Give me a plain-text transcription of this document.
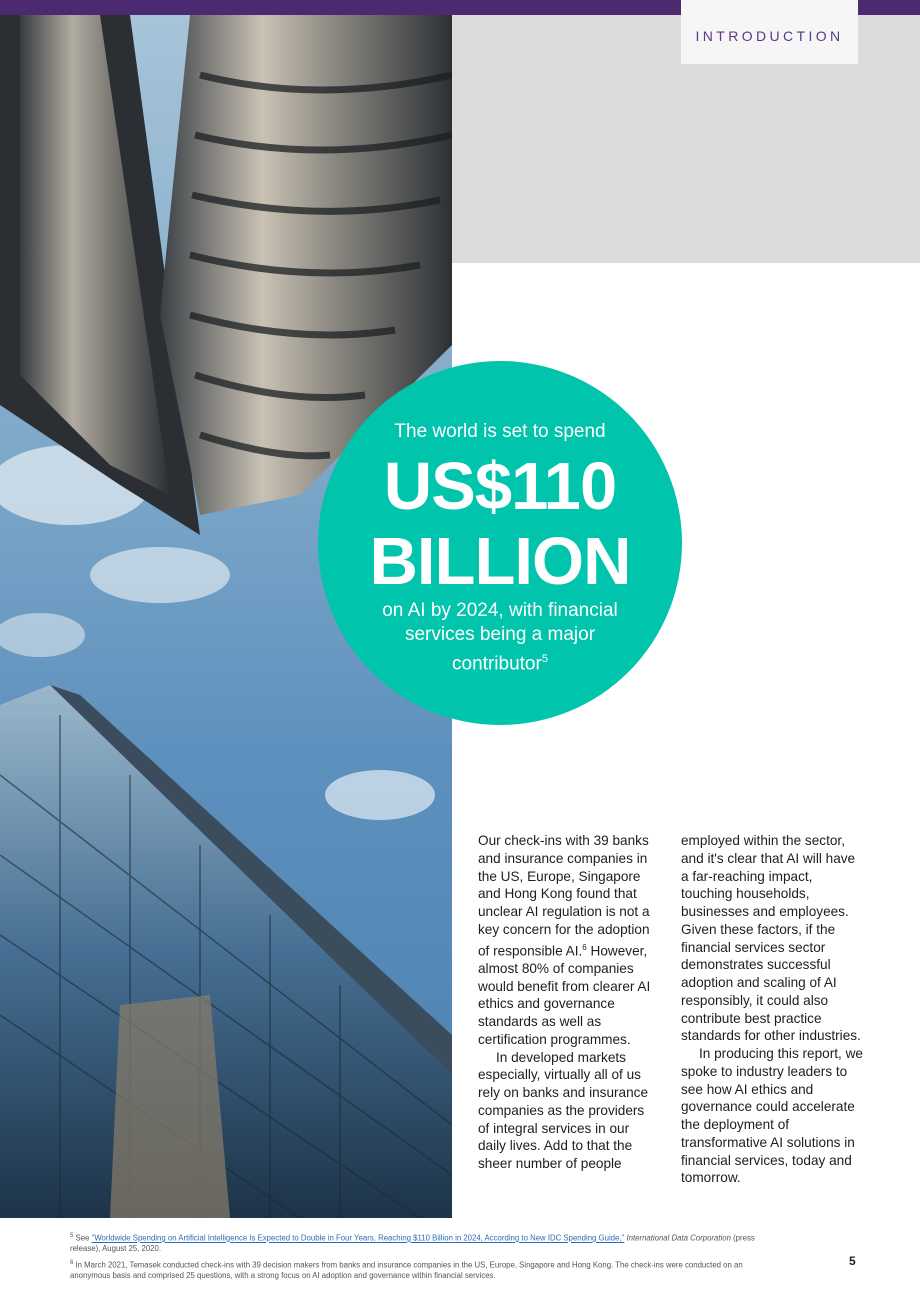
INTRODUCTION
The world is set to spend
US$110
BILLION
on AI by 2024, with financial services being a major contributor$^5$

Our check-ins with 39 banks and insurance companies in the US, Europe, Singapore and Hong Kong found that unclear AI regulation is not a key concern for the adoption of responsible AI.$^6$ However, almost 80% of companies would benefit from clearer AI ethics and governance standards as well as certification programmes.

In developed markets especially, virtually all of us rely on banks and insurance companies as the providers of integral services in our daily lives. Add to that the sheer number of people

employed within the sector, and it's clear that AI will have a far-reaching impact, touching households, businesses and employees. Given these factors, if the financial services sector demonstrates successful adoption and scaling of AI responsibly, it could also contribute best practice standards for other industries.

In producing this report, we spoke to industry leaders to see how AI ethics and governance could accelerate the deployment of transformative AI solutions in financial services, today and tomorrow.

$^5$ See "Worldwide Spending on Artificial Intelligence Is Expected to Double in Four Years, Reaching $110 Billion in 2024, According to New IDC Spending Guide," International Data Corporation (press release), August 25, 2020.
$^6$ In March 2021, Temasek conducted check-ins with 39 decision makers from banks and insurance companies in the US, Europe, Singapore and Hong Kong. The check-ins were conducted on an anonymous basis and comprised 25 questions, with a strong focus on AI adoption and governance within financial services.
5
